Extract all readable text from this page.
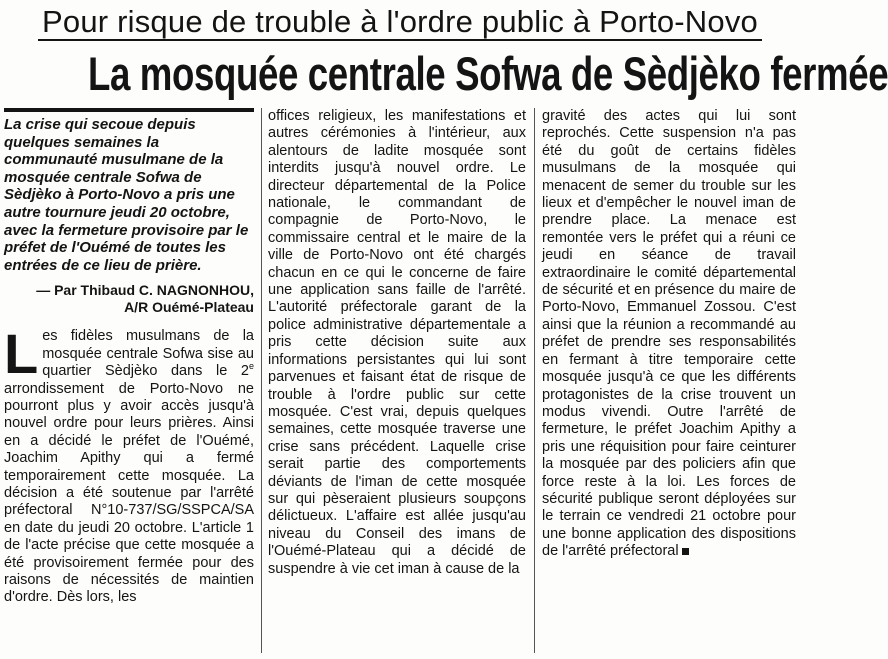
Pour risque de trouble à l'ordre public à Porto-Novo
La mosquée centrale Sofwa de Sèdjèko fermée
La crise qui secoue depuis quelques semaines la communauté musulmane de la mosquée centrale Sofwa de Sèdjèko à Porto-Novo a pris une autre tournure jeudi 20 octobre, avec la fermeture provisoire par le préfet de l'Ouémé de toutes les entrées de ce lieu de prière.
— Par Thibaud C. NAGNONHOU,
A/R Ouémé-Plateau

Les fidèles musulmans de la mosquée centrale Sofwa sise au quartier Sèdjèko dans le 2e arrondissement de Porto-Novo ne pourront plus y avoir accès jusqu'à nouvel ordre pour leurs prières. Ainsi en a décidé le préfet de l'Ouémé, Joachim Apithy qui a fermé temporairement cette mosquée. La décision a été soutenue par l'arrêté préfectoral N°10-737/SG/SSPCA/SA en date du jeudi 20 octobre. L'article 1 de l'acte précise que cette mosquée a été provisoirement fermée pour des raisons de nécessités de maintien d'ordre. Dès lors, les

offices religieux, les manifestations et autres cérémonies à l'intérieur, aux alentours de ladite mosquée sont interdits jusqu'à nouvel ordre. Le directeur départemental de la Police nationale, le commandant de compagnie de Porto-Novo, le commissaire central et le maire de la ville de Porto-Novo ont été chargés chacun en ce qui le concerne de faire une application sans faille de l'arrêté. L'autorité préfectorale garant de la police administrative départementale a pris cette décision suite aux informations persistantes qui lui sont parvenues et faisant état de risque de trouble à l'ordre public sur cette mosquée. C'est vrai, depuis quelques semaines, cette mosquée traverse une crise sans précédent. Laquelle crise serait partie des comportements déviants de l'iman de cette mosquée sur qui pèseraient plusieurs soupçons délictueux. L'affaire est allée jusqu'au niveau du Conseil des imans de l'Ouémé-Plateau qui a décidé de suspendre à vie cet iman à cause de la

gravité des actes qui lui sont reprochés. Cette suspension n'a pas été du goût de certains fidèles musulmans de la mosquée qui menacent de semer du trouble sur les lieux et d'empêcher le nouvel iman de prendre place. La menace est remontée vers le préfet qui a réuni ce jeudi en séance de travail extraordinaire le comité départemental de sécurité et en présence du maire de Porto-Novo, Emmanuel Zossou. C'est ainsi que la réunion a recommandé au préfet de prendre ses responsabilités en fermant à titre temporaire cette mosquée jusqu'à ce que les différents protagonistes de la crise trouvent un modus vivendi. Outre l'arrêté de fermeture, le préfet Joachim Apithy a pris une réquisition pour faire ceinturer la mosquée par des policiers afin que force reste à la loi. Les forces de sécurité publique seront déployées sur le terrain ce vendredi 21 octobre pour une bonne application des dispositions de l'arrêté préfectoral
